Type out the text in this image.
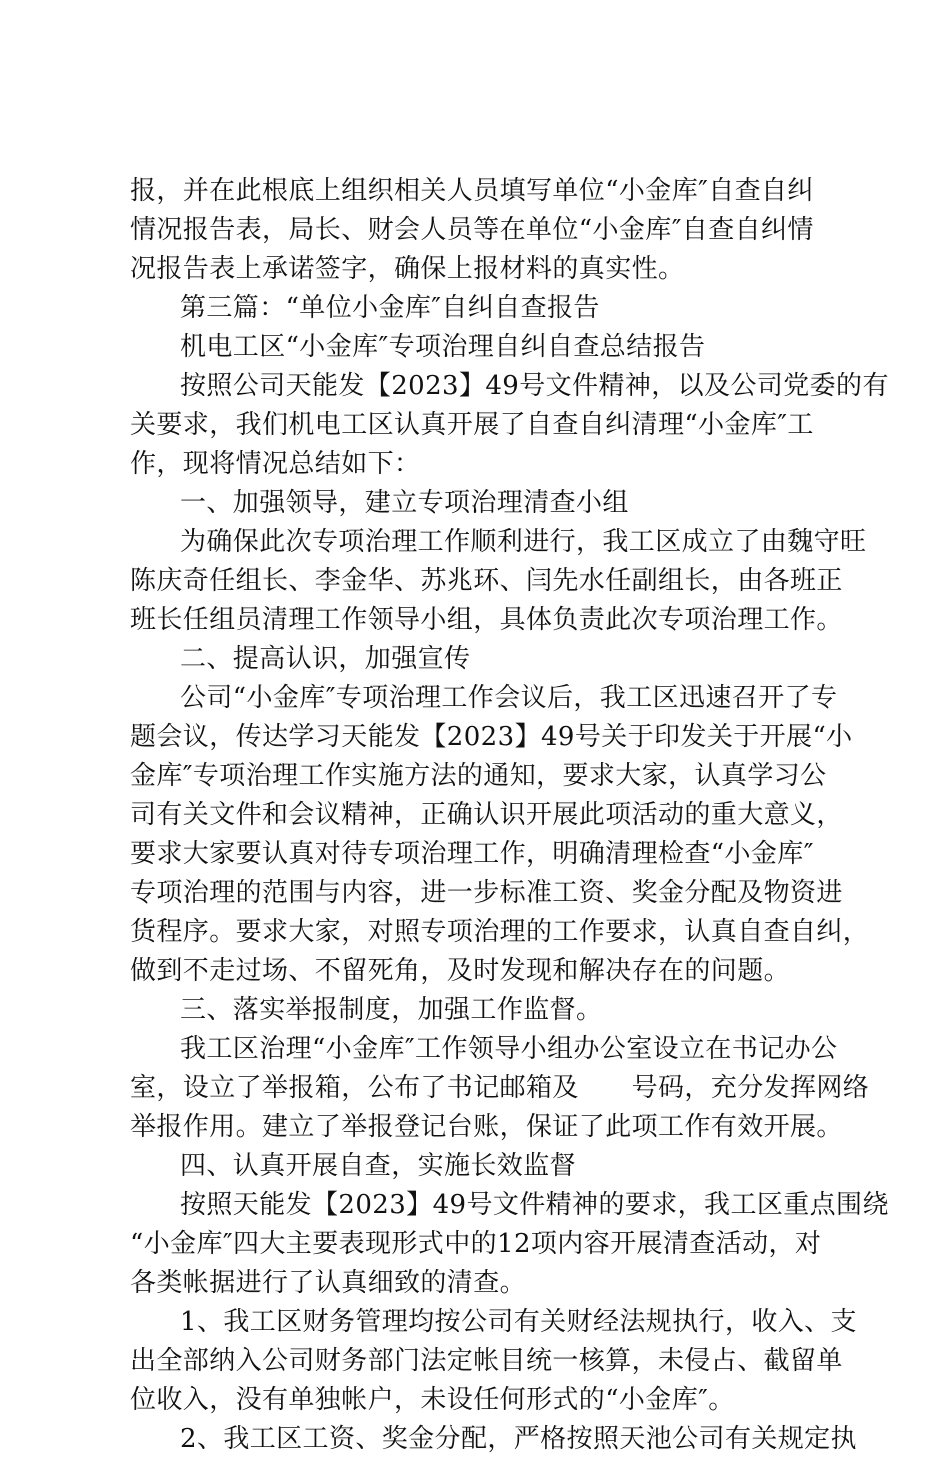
报，并在此根底上组织相关人员填写单位“小金库″自查自纠
情况报告表，局长、财会人员等在单位“小金库″自查自纠情
况报告表上承诺签字，确保上报材料的真实性。
第三篇：“单位小金库″自纠自查报告
机电工区“小金库″专项治理自纠自查总结报告
按照公司天能发【2023】49号文件精神，以及公司党委的有
关要求，我们机电工区认真开展了自查自纠清理“小金库″工
作，现将情况总结如下：
一、加强领导，建立专项治理清查小组
为确保此次专项治理工作顺利进行，我工区成立了由魏守旺
陈庆奇任组长、李金华、苏兆环、闫先水任副组长，由各班正
班长任组员清理工作领导小组，具体负责此次专项治理工作。
二、提高认识，加强宣传
公司“小金库″专项治理工作会议后，我工区迅速召开了专
题会议，传达学习天能发【2023】49号关于印发关于开展“小
金库″专项治理工作实施方法的通知，要求大家，认真学习公
司有关文件和会议精神，正确认识开展此项活动的重大意义，
要求大家要认真对待专项治理工作，明确清理检查“小金库″
专项治理的范围与内容，进一步标准工资、奖金分配及物资进
货程序。要求大家，对照专项治理的工作要求，认真自查自纠，
做到不走过场、不留死角，及时发现和解决存在的问题。
三、落实举报制度，加强工作监督。
我工区治理“小金库″工作领导小组办公室设立在书记办公
室，设立了举报箱，公布了书记邮箱及　　号码，充分发挥网络
举报作用。建立了举报登记台账，保证了此项工作有效开展。
四、认真开展自查，实施长效监督
按照天能发【2023】49号文件精神的要求，我工区重点围绕
“小金库″四大主要表现形式中的12项内容开展清查活动，对
各类帐据进行了认真细致的清查。
1、我工区财务管理均按公司有关财经法规执行，收入、支
出全部纳入公司财务部门法定帐目统一核算，未侵占、截留单
位收入，没有单独帐户，未设任何形式的“小金库″。
2、我工区工资、奖金分配，严格按照天池公司有关规定执
